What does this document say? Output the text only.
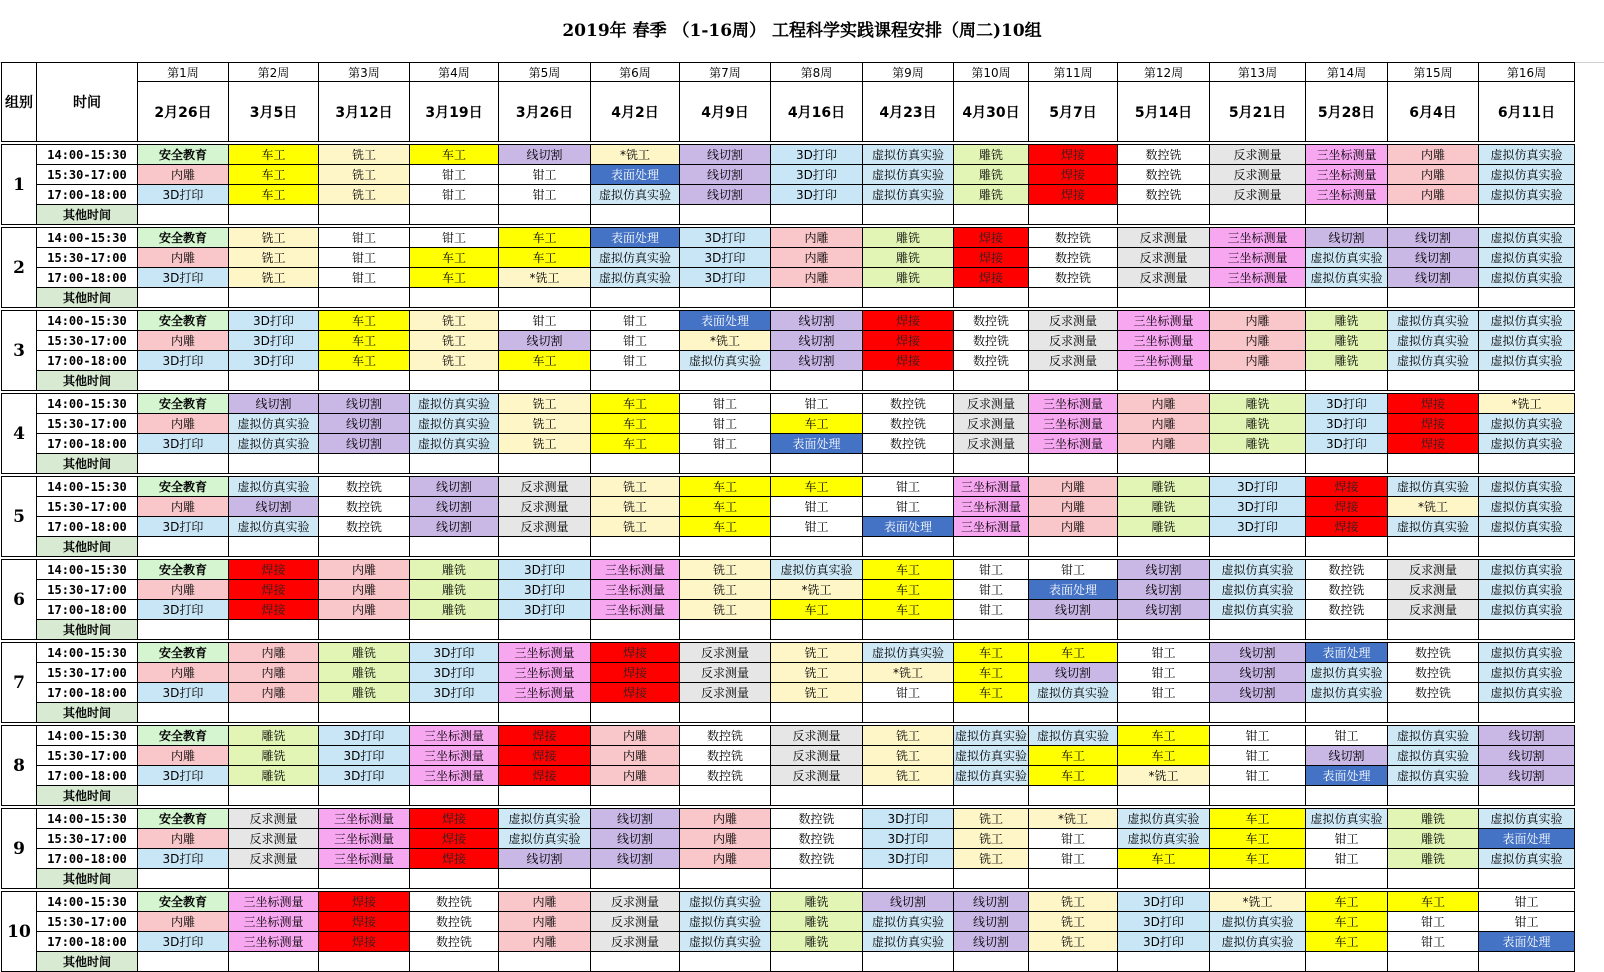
2019年 春季 （1-16周） 工程科学实践课程安排（周二)10组
组别	时间	第1周	第2周	第3周	第4周	第5周	第6周	第7周	第8周	第9周	第10周	第11周	第12周	第13周	第14周	第15周	第16周
		2月26日	3月5日	3月12日	3月19日	3月26日	4月2日	4月9日	4月16日	4月23日	4月30日	5月7日	5月14日	5月21日	5月28日	6月4日	6月11日

1	14:00-15:30	安全教育	车工	铣工	车工	线切割	*铣工	线切割	3D打印	虚拟仿真实验	雕铣	焊接	数控铣	反求测量	三坐标测量	内雕	虚拟仿真实验
	15:30-17:00	内雕	车工	铣工	钳工	钳工	表面处理	线切割	3D打印	虚拟仿真实验	雕铣	焊接	数控铣	反求测量	三坐标测量	内雕	虚拟仿真实验
	17:00-18:00	3D打印	车工	铣工	钳工	钳工	虚拟仿真实验	线切割	3D打印	虚拟仿真实验	雕铣	焊接	数控铣	反求测量	三坐标测量	内雕	虚拟仿真实验
	其他时间																

2	14:00-15:30	安全教育	铣工	钳工	钳工	车工	表面处理	3D打印	内雕	雕铣	焊接	数控铣	反求测量	三坐标测量	线切割	线切割	虚拟仿真实验
	15:30-17:00	内雕	铣工	钳工	车工	车工	虚拟仿真实验	3D打印	内雕	雕铣	焊接	数控铣	反求测量	三坐标测量	虚拟仿真实验	线切割	虚拟仿真实验
	17:00-18:00	3D打印	铣工	钳工	车工	*铣工	虚拟仿真实验	3D打印	内雕	雕铣	焊接	数控铣	反求测量	三坐标测量	虚拟仿真实验	线切割	虚拟仿真实验
	其他时间																

3	14:00-15:30	安全教育	3D打印	车工	铣工	钳工	钳工	表面处理	线切割	焊接	数控铣	反求测量	三坐标测量	内雕	雕铣	虚拟仿真实验	虚拟仿真实验
	15:30-17:00	内雕	3D打印	车工	铣工	线切割	钳工	*铣工	线切割	焊接	数控铣	反求测量	三坐标测量	内雕	雕铣	虚拟仿真实验	虚拟仿真实验
	17:00-18:00	3D打印	3D打印	车工	铣工	车工	钳工	虚拟仿真实验	线切割	焊接	数控铣	反求测量	三坐标测量	内雕	雕铣	虚拟仿真实验	虚拟仿真实验
	其他时间																

4	14:00-15:30	安全教育	线切割	线切割	虚拟仿真实验	铣工	车工	钳工	钳工	数控铣	反求测量	三坐标测量	内雕	雕铣	3D打印	焊接	*铣工
	15:30-17:00	内雕	虚拟仿真实验	线切割	虚拟仿真实验	铣工	车工	钳工	车工	数控铣	反求测量	三坐标测量	内雕	雕铣	3D打印	焊接	虚拟仿真实验
	17:00-18:00	3D打印	虚拟仿真实验	线切割	虚拟仿真实验	铣工	车工	钳工	表面处理	数控铣	反求测量	三坐标测量	内雕	雕铣	3D打印	焊接	虚拟仿真实验
	其他时间																

5	14:00-15:30	安全教育	虚拟仿真实验	数控铣	线切割	反求测量	铣工	车工	车工	钳工	三坐标测量	内雕	雕铣	3D打印	焊接	虚拟仿真实验	虚拟仿真实验
	15:30-17:00	内雕	线切割	数控铣	线切割	反求测量	铣工	车工	钳工	钳工	三坐标测量	内雕	雕铣	3D打印	焊接	*铣工	虚拟仿真实验
	17:00-18:00	3D打印	虚拟仿真实验	数控铣	线切割	反求测量	铣工	车工	钳工	表面处理	三坐标测量	内雕	雕铣	3D打印	焊接	虚拟仿真实验	虚拟仿真实验
	其他时间																

6	14:00-15:30	安全教育	焊接	内雕	雕铣	3D打印	三坐标测量	铣工	虚拟仿真实验	车工	钳工	钳工	线切割	虚拟仿真实验	数控铣	反求测量	虚拟仿真实验
	15:30-17:00	内雕	焊接	内雕	雕铣	3D打印	三坐标测量	铣工	*铣工	车工	钳工	表面处理	线切割	虚拟仿真实验	数控铣	反求测量	虚拟仿真实验
	17:00-18:00	3D打印	焊接	内雕	雕铣	3D打印	三坐标测量	铣工	车工	车工	钳工	线切割	线切割	虚拟仿真实验	数控铣	反求测量	虚拟仿真实验
	其他时间																

7	14:00-15:30	安全教育	内雕	雕铣	3D打印	三坐标测量	焊接	反求测量	铣工	虚拟仿真实验	车工	车工	钳工	线切割	表面处理	数控铣	虚拟仿真实验
	15:30-17:00	内雕	内雕	雕铣	3D打印	三坐标测量	焊接	反求测量	铣工	*铣工	车工	线切割	钳工	线切割	虚拟仿真实验	数控铣	虚拟仿真实验
	17:00-18:00	3D打印	内雕	雕铣	3D打印	三坐标测量	焊接	反求测量	铣工	钳工	车工	虚拟仿真实验	钳工	线切割	虚拟仿真实验	数控铣	虚拟仿真实验
	其他时间																

8	14:00-15:30	安全教育	雕铣	3D打印	三坐标测量	焊接	内雕	数控铣	反求测量	铣工	虚拟仿真实验	虚拟仿真实验	车工	钳工	钳工	虚拟仿真实验	线切割
	15:30-17:00	内雕	雕铣	3D打印	三坐标测量	焊接	内雕	数控铣	反求测量	铣工	虚拟仿真实验	车工	车工	钳工	线切割	虚拟仿真实验	线切割
	17:00-18:00	3D打印	雕铣	3D打印	三坐标测量	焊接	内雕	数控铣	反求测量	铣工	虚拟仿真实验	车工	*铣工	钳工	表面处理	虚拟仿真实验	线切割
	其他时间																

9	14:00-15:30	安全教育	反求测量	三坐标测量	焊接	虚拟仿真实验	线切割	内雕	数控铣	3D打印	铣工	*铣工	虚拟仿真实验	车工	虚拟仿真实验	雕铣	虚拟仿真实验
	15:30-17:00	内雕	反求测量	三坐标测量	焊接	虚拟仿真实验	线切割	内雕	数控铣	3D打印	铣工	钳工	虚拟仿真实验	车工	钳工	雕铣	表面处理
	17:00-18:00	3D打印	反求测量	三坐标测量	焊接	线切割	线切割	内雕	数控铣	3D打印	铣工	钳工	车工	车工	钳工	雕铣	虚拟仿真实验
	其他时间																

10	14:00-15:30	安全教育	三坐标测量	焊接	数控铣	内雕	反求测量	虚拟仿真实验	雕铣	线切割	线切割	铣工	3D打印	*铣工	车工	车工	钳工
	15:30-17:00	内雕	三坐标测量	焊接	数控铣	内雕	反求测量	虚拟仿真实验	雕铣	虚拟仿真实验	线切割	铣工	3D打印	虚拟仿真实验	车工	钳工	钳工
	17:00-18:00	3D打印	三坐标测量	焊接	数控铣	内雕	反求测量	虚拟仿真实验	雕铣	虚拟仿真实验	线切割	铣工	3D打印	虚拟仿真实验	车工	钳工	表面处理
	其他时间																
